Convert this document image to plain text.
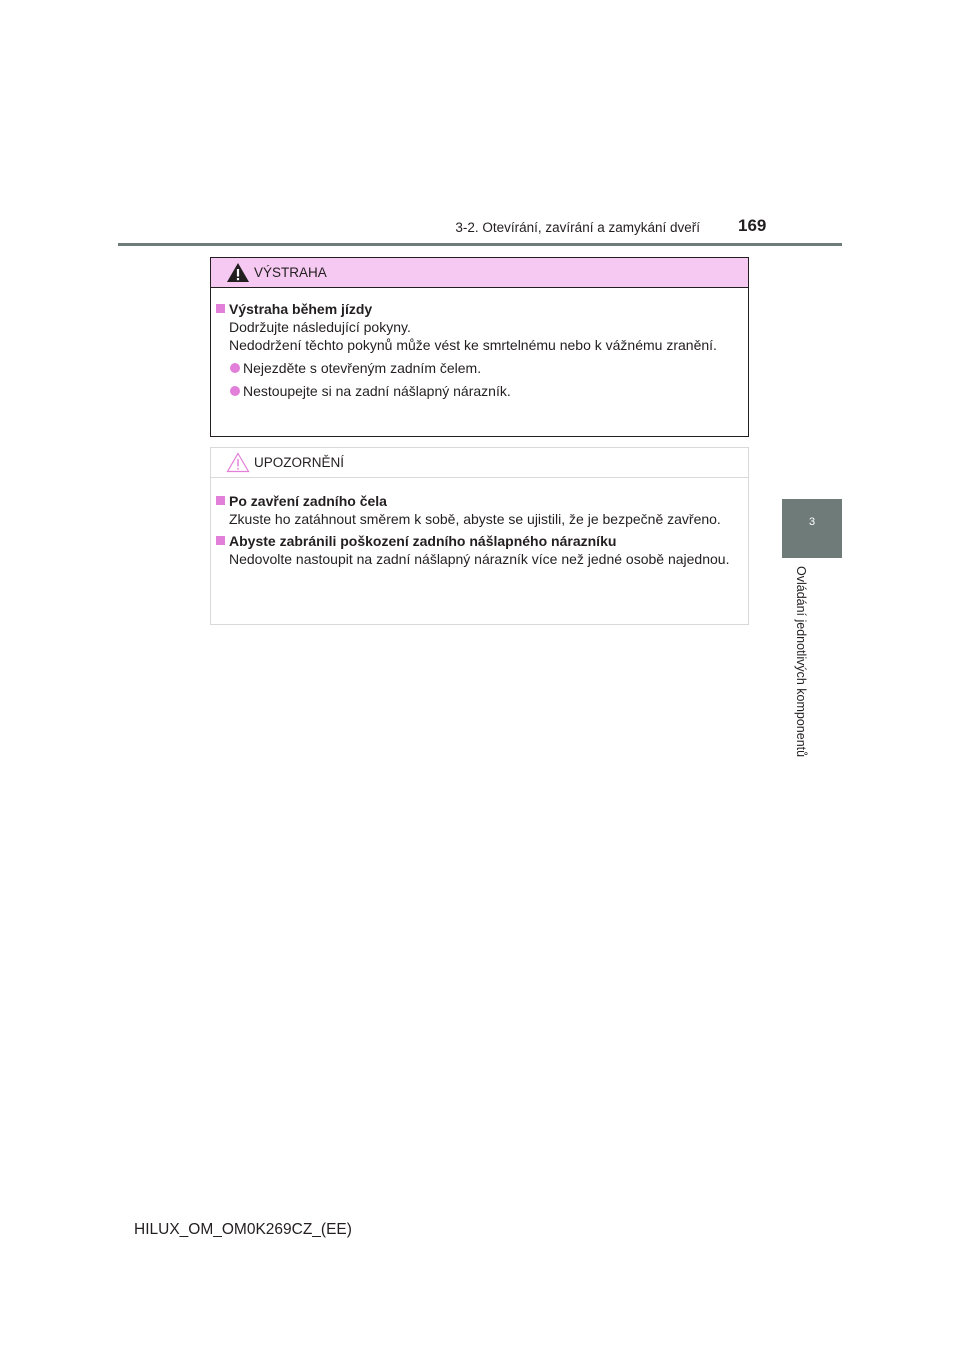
3-2. Otevírání, zavírání a zamykání dveří 169
3
Ovládání jednotlivých komponentů
VÝSTRAHA
Výstraha během jízdy
Dodržujte následující pokyny.
Nedodržení těchto pokynů může vést ke smrtelnému nebo k vážnému zranění.
Nejezděte s otevřeným zadním čelem.
Nestoupejte si na zadní nášlapný nárazník.
UPOZORNĚNÍ
Po zavření zadního čela
Zkuste ho zatáhnout směrem k sobě, abyste se ujistili, že je bezpečně zavřeno.
Abyste zabránili poškození zadního nášlapného nárazníku
Nedovolte nastoupit na zadní nášlapný nárazník více než jedné osobě najednou.
HILUX_OM_OM0K269CZ_(EE)
